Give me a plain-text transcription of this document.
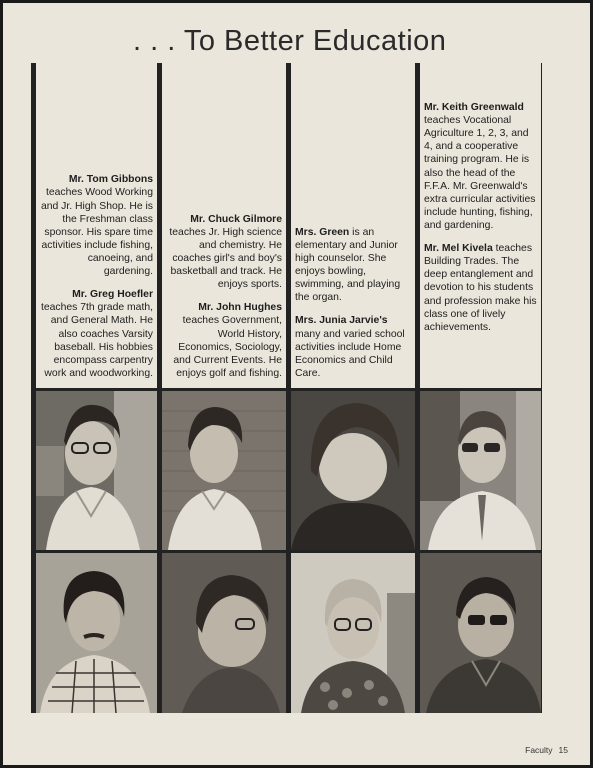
. . . To Better Education

Mr. Tom Gibbons teaches Wood Working and Jr. High Shop. He is the Freshman class sponsor. His spare time activities include fishing, canoeing, and gardening.

Mr. Greg Hoefler teaches 7th grade math, and General Math. He also coaches Varsity baseball. His hobbies encompass carpentry work and woodworking.

Mr. Chuck Gilmore teaches Jr. High science and chemistry. He coaches girl's and boy's basketball and track. He enjoys sports.

Mr. John Hughes teaches Government, World History, Economics, Sociology, and Current Events. He enjoys golf and fishing.

Mrs. Green is an elementary and Junior high counselor. She enjoys bowling, swimming, and playing the organ.

Mrs. Junia Jarvie's many and varied school activities include Home Economics and Child Care.

Mr. Keith Greenwald teaches Vocational Agriculture 1, 2, 3, and 4, and a cooperative training program. He is also the head of the F.F.A. Mr. Greenwald's extra curricular activities include hunting, fishing, and gardening.

Mr. Mel Kivela teaches Building Trades. The deep entanglement and devotion to his students and profession make his class one of lively achievements.

Faculty 15
